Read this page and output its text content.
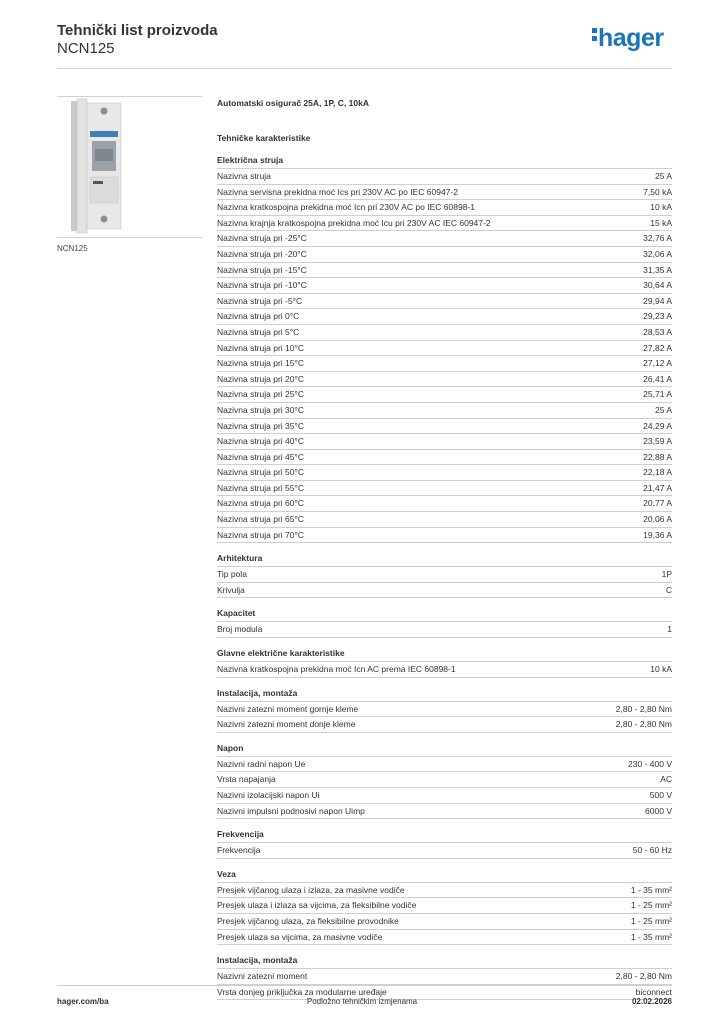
Tehnički list proizvoda
NCN125	hager
NCN125
Automatski osigurač 25A, 1P, C, 10kA
Tehničke karakteristike
Električna struja
Nazivna struja	25 A
Nazivna servisna prekidna moć Ics pri 230V AC po IEC 60947-2	7,50 kA
Nazivna kratkospojna prekidna moć Icn pri 230V AC po IEC 60898-1	10 kA
Nazivna krajnja kratkospojna prekidna moć Icu pri 230V AC IEC 60947-2	15 kA
Nazivna struja pri -25°C	32,76 A
Nazivna struja pri -20°C	32,06 A
Nazivna struja pri -15°C	31,35 A
Nazivna struja pri -10°C	30,64 A
Nazivna struja pri -5°C	29,94 A
Nazivna struja pri 0°C	29,23 A
Nazivna struja pri 5°C	28,53 A
Nazivna struja pri 10°C	27,82 A
Nazivna struja pri 15°C	27,12 A
Nazivna struja pri 20°C	26,41 A
Nazivna struja pri 25°C	25,71 A
Nazivna struja pri 30°C	25 A
Nazivna struja pri 35°C	24,29 A
Nazivna struja pri 40°C	23,59 A
Nazivna struja pri 45°C	22,88 A
Nazivna struja pri 50°C	22,18 A
Nazivna struja pri 55°C	21,47 A
Nazivna struja pri 60°C	20,77 A
Nazivna struja pri 65°C	20,06 A
Nazivna struja pri 70°C	19,36 A
Arhitektura
Tip pola	1P
Krivulja	C
Kapacitet
Broj modula	1
Glavne električne karakteristike
Nazivna kratkospojna prekidna moć Icn AC prema IEC 60898-1	10 kA
Instalacija, montaža
Nazivni zatezni moment gornje kleme	2,80 - 2,80 Nm
Nazivni zatezni moment donje kleme	2,80 - 2,80 Nm
Napon
Nazivni radni napon Ue	230 - 400 V
Vrsta napajanja	AC
Nazivni izolacijski napon Ui	500 V
Nazivni impulsni podnosivi napon Uimp	6000 V
Frekvencija
Frekvencija	50 - 60 Hz
Veza
Presjek vijčanog ulaza i izlaza, za masivne vodiče	1 - 35 mm²
Presjek ulaza i izlaza sa vijcima, za fleksibilne vodiče	1 - 25 mm²
Presjek vijčanog ulaza, za fleksibilne provodnike	1 - 25 mm²
Presjek ulaza sa vijcima, za masivne vodiče	1 - 35 mm²
Instalacija, montaža
Nazivni zatezni moment	2,80 - 2,80 Nm
Vrsta donjeg priključka za modularne uređaje	biconnect
hager.com/ba	Podložno tehničkim izmjenama	02.02.2026
